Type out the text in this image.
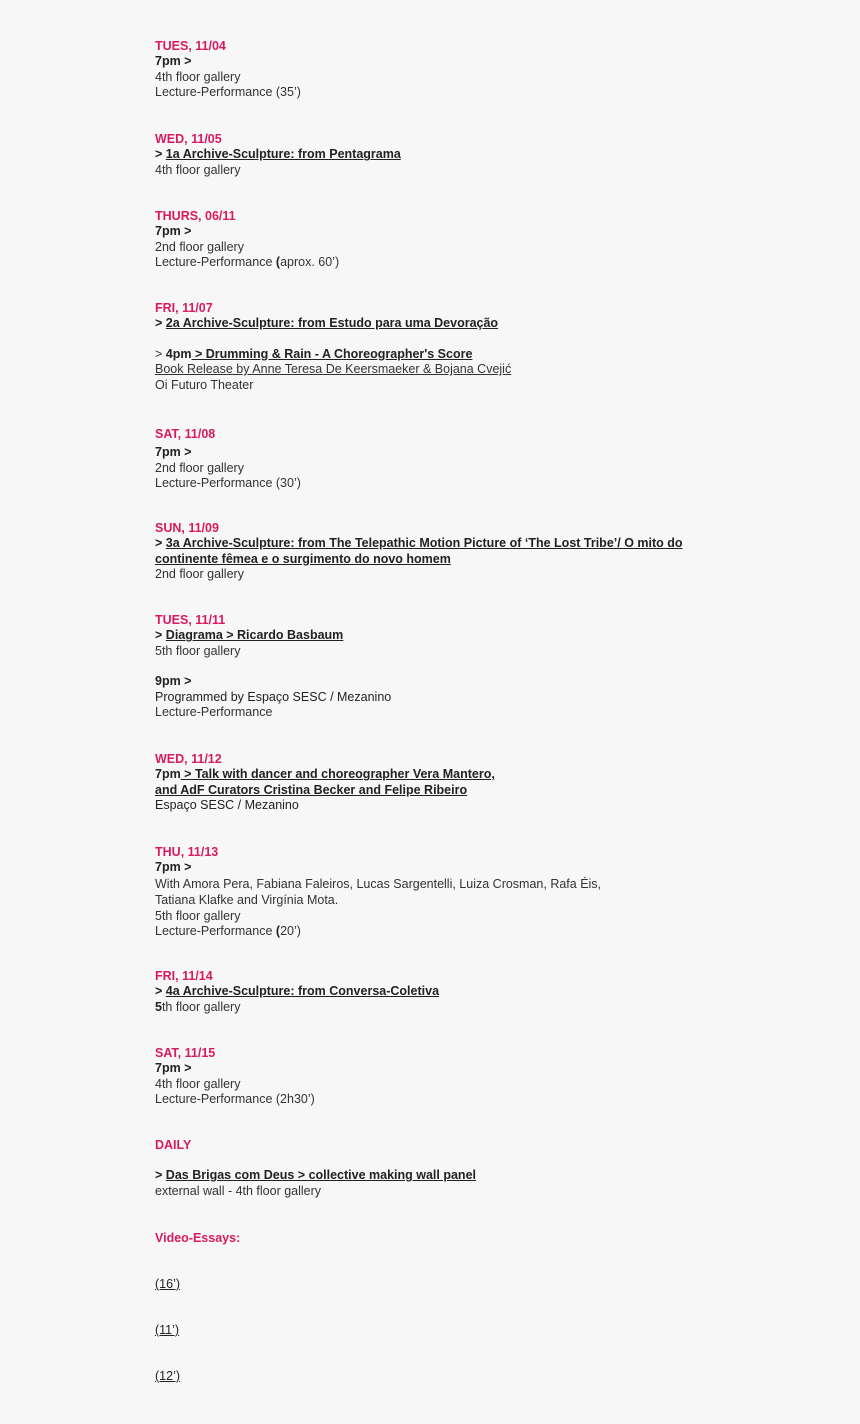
TUES, 11/04
7pm >
4th floor gallery
Lecture-Performance (35’)
WED, 11/05
> 1a Archive-Sculpture: from Pentagrama
4th floor gallery
THURS, 06/11
7pm >
2nd floor gallery
Lecture-Performance (aprox. 60’)
FRI, 11/07
> 2a Archive-Sculpture: from Estudo para uma Devoração
> 4pm > Drumming & Rain - A Choreographer's Score
Book Release by Anne Teresa De Keersmaeker & Bojana Cvejić
Oi Futuro Theater
SAT, 11/08
7pm >
2nd floor gallery
Lecture-Performance (30’)
SUN, 11/09
> 3a Archive-Sculpture: from The Telepathic Motion Picture of ‘The Lost Tribe’/ O mito do
continente fêmea e o surgimento do novo homem
2nd floor gallery
TUES, 11/11
> Diagrama > Ricardo Basbaum
5th floor gallery
9pm >
Programmed by Espaço SESC / Mezanino
Lecture-Performance
WED, 11/12
7pm > Talk with dancer and choreographer Vera Mantero,
and AdF Curators Cristina Becker and Felipe Ribeiro
Espaço SESC / Mezanino
THU, 11/13
7pm >
With Amora Pera, Fabiana Faleiros, Lucas Sargentelli, Luiza Crosman, Rafa Éis,
Tatiana Klafke and Virgínia Mota.
5th floor gallery
Lecture-Performance (20’)
FRI, 11/14
> 4a Archive-Sculpture: from Conversa-Coletiva
5th floor gallery
SAT, 11/15
7pm >
4th floor gallery
Lecture-Performance (2h30’)
DAILY
> Das Brigas com Deus > collective making wall panel
external wall - 4th floor gallery
Video-Essays:
(16’)
(11’)
(12’)
